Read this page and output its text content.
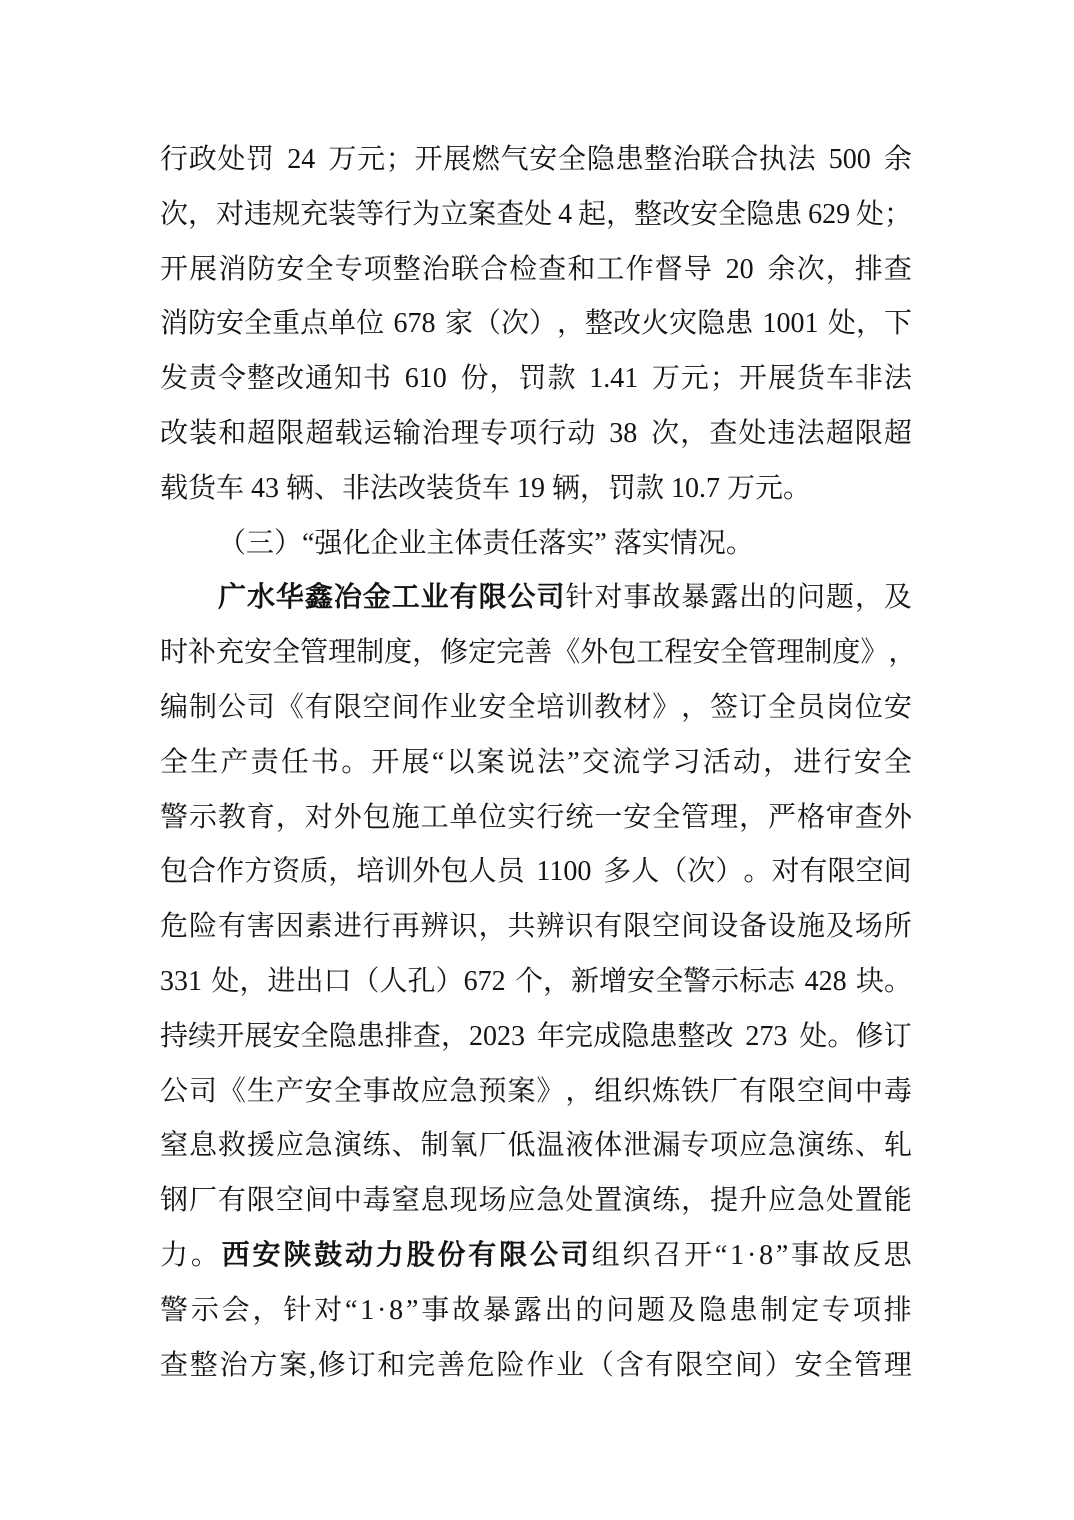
行 政 处 罚 24 万 元 ； 开 展 燃 气 安 全 隐 患 整 治 联 合 执 法 500 余
次 ， 对 违 规 充 装 等 行 为 立 案 查 处 4 起 ， 整 改 安 全 隐 患 629 处 ；
开 展 消 防 安 全 专 项 整 治 联 合 检 查 和 工 作 督 导 20 余 次 ， 排 查
消 防 安 全 重 点 单 位 678 家 （ 次 ） ， 整 改 火 灾 隐 患 1001 处 ， 下
发 责 令 整 改 通 知 书 610 份 ， 罚 款 1.41 万 元 ； 开 展 货 车 非 法
改 装 和 超 限 超 载 运 输 治 理 专 项 行 动 38 次 ， 查 处 违 法 超 限 超
载货车 43 辆、非法改装货车 19 辆，罚款 10.7 万元。
（三）“强化企业主体责任落实” 落实情况。
广 水 华 鑫 冶 金 工 业 有 限 公 司 针 对 事 故 暴 露 出 的 问 题 ， 及
时 补 充 安 全 管 理 制 度 ， 修 定 完 善 《 外 包 工 程 安 全 管 理 制 度 》 ，
编 制 公 司 《 有 限 空 间 作 业 安 全 培 训 教 材 》 ， 签 订 全 员 岗 位 安
全 生 产 责 任 书 。 开 展 “ 以 案 说 法 ” 交 流 学 习 活 动 ， 进 行 安 全
警 示 教 育 ， 对 外 包 施 工 单 位 实 行 统 一 安 全 管 理 ， 严 格 审 查 外
包 合 作 方 资 质 ， 培 训 外 包 人 员 1100 多 人 （ 次 ） 。 对 有 限 空 间
危 险 有 害 因 素 进 行 再 辨 识 ， 共 辨 识 有 限 空 间 设 备 设 施 及 场 所
331 处 ， 进 出 口 （ 人 孔 ） 672 个 ， 新 增 安 全 警 示 标 志 428 块 。
持 续 开 展 安 全 隐 患 排 查 ， 2023 年 完 成 隐 患 整 改 273 处 。 修 订
公 司 《 生 产 安 全 事 故 应 急 预 案 》 ， 组 织 炼 铁 厂 有 限 空 间 中 毒
窒 息 救 援 应 急 演 练 、 制 氧 厂 低 温 液 体 泄 漏 专 项 应 急 演 练 、 轧
钢 厂 有 限 空 间 中 毒 窒 息 现 场 应 急 处 置 演 练 ， 提 升 应 急 处 置 能
力 。 西 安 陕 鼓 动 力 股 份 有 限 公 司 组 织 召 开 “ 1 · 8 ” 事 故 反 思
警 示 会 ， 针 对 “ 1 · 8 ” 事 故 暴 露 出 的 问 题 及 隐 患 制 定 专 项 排
查 整 治 方 案 , 修 订 和 完 善 危 险 作 业 （ 含 有 限 空 间 ） 安 全 管 理
